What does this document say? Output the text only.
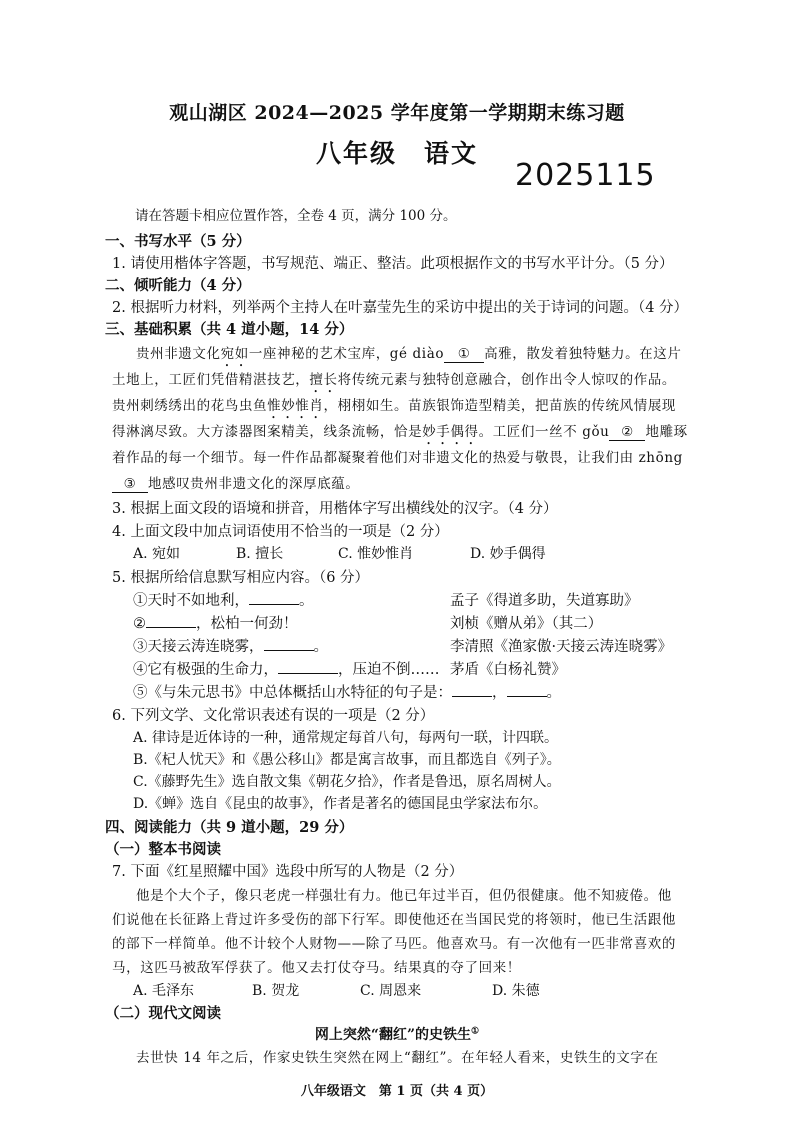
观山湖区 2024—2025 学年度第一学期期末练习题
八年级　语文
2025115
请在答题卡相应位置作答，全卷 4 页，满分 100 分。
一、书写水平（5 分）
1. 请使用楷体字答题，书写规范、端正、整洁。此项根据作文的书写水平计分。（5 分）
二、倾听能力（4 分）
2. 根据听力材料，列举两个主持人在叶嘉莹先生的采访中提出的关于诗词的问题。（4 分）
三、基础积累（共 4 道小题，14 分）
贵州非遗文化宛如一座神秘的艺术宝库，gé diào ① 高雅，散发着独特魅力。在这片
土地上，工匠们凭借精湛技艺，擅长将传统元素与独特创意融合，创作出令人惊叹的作品。
贵州刺绣绣出的花鸟虫鱼惟妙惟肖，栩栩如生。苗族银饰造型精美，把苗族的传统风情展现
得淋漓尽致。大方漆器图案精美，线条流畅，恰是妙手偶得。工匠们一丝不 gǒu ② 地雕琢
着作品的每一个细节。每一件作品都凝聚着他们对非遗文化的热爱与敬畏，让我们由 zhōng
③ 地感叹贵州非遗文化的深厚底蕴。
3. 根据上面文段的语境和拼音，用楷体字写出横线处的汉字。（4 分）
4. 上面文段中加点词语使用不恰当的一项是（2 分）
A. 宛如	B. 擅长	C. 惟妙惟肖	D. 妙手偶得
5. 根据所给信息默写相应内容。（6 分）
①天时不如地利，	。	孟子《得道多助，失道寡助》
②	，松柏一何劲！	刘桢《赠从弟》（其二）
③天接云涛连晓雾，	。	李清照《渔家傲·天接云涛连晓雾》
④它有极强的生命力，	，压迫不倒…… 茅盾《白杨礼赞》
⑤《与朱元思书》中总体概括山水特征的句子是：	，	。
6. 下列文学、文化常识表述有误的一项是（2 分）
A. 律诗是近体诗的一种，通常规定每首八句，每两句一联，计四联。
B.《杞人忧天》和《愚公移山》都是寓言故事，而且都选自《列子》。
C.《藤野先生》选自散文集《朝花夕拾》，作者是鲁迅，原名周树人。
D.《蝉》选自《昆虫的故事》，作者是著名的德国昆虫学家法布尔。
四、阅读能力（共 9 道小题，29 分）
（一）整本书阅读
7. 下面《红星照耀中国》选段中所写的人物是（2 分）
他是个大个子，像只老虎一样强壮有力。他已年过半百，但仍很健康。他不知疲倦。他
们说他在长征路上背过许多受伤的部下行军。即使他还在当国民党的将领时，他已生活跟他
的部下一样简单。他不计较个人财物——除了马匹。他喜欢马。有一次他有一匹非常喜欢的
马，这匹马被敌军俘获了。他又去打仗夺马。结果真的夺了回来！
A. 毛泽东	B. 贺龙	C. 周恩来	D. 朱德
（二）现代文阅读
网上突然“翻红”的史铁生①
去世快 14 年之后，作家史铁生突然在网上“翻红”。在年轻人看来，史铁生的文字在
八年级语文　第 1 页（共 4 页）
